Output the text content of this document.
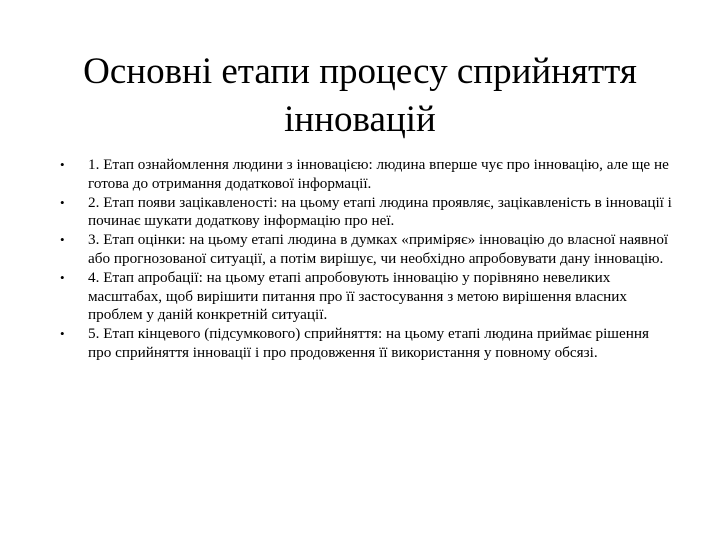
Основні етапи процесу сприйняття
інновацій
• 1. Етап ознайомлення людини з інновацією: людина вперше чує про інновацію, але ще не готова до отримання додаткової інформації.
• 2. Етап появи зацікавленості: на цьому етапі людина проявляє, зацікавленість в інновації і починає шукати додаткову інформацію про неї.
• 3. Етап оцінки: на цьому етапі людина в думках «приміряє» інновацію до власної наявної або прогнозованої ситуації, а потім вирішує, чи необхідно апробовувати дану інновацію.
• 4. Етап апробації: на цьому етапі апробовують інновацію у порівняно невеликих масштабах, щоб вирішити питання про її застосування з метою вирішення власних проблем у даній конкретній ситуації.
• 5. Етап кінцевого (підсумкового) сприйняття: на цьому етапі людина приймає рішення про сприйняття інновації і про продовження її використання у повному обсязі.
